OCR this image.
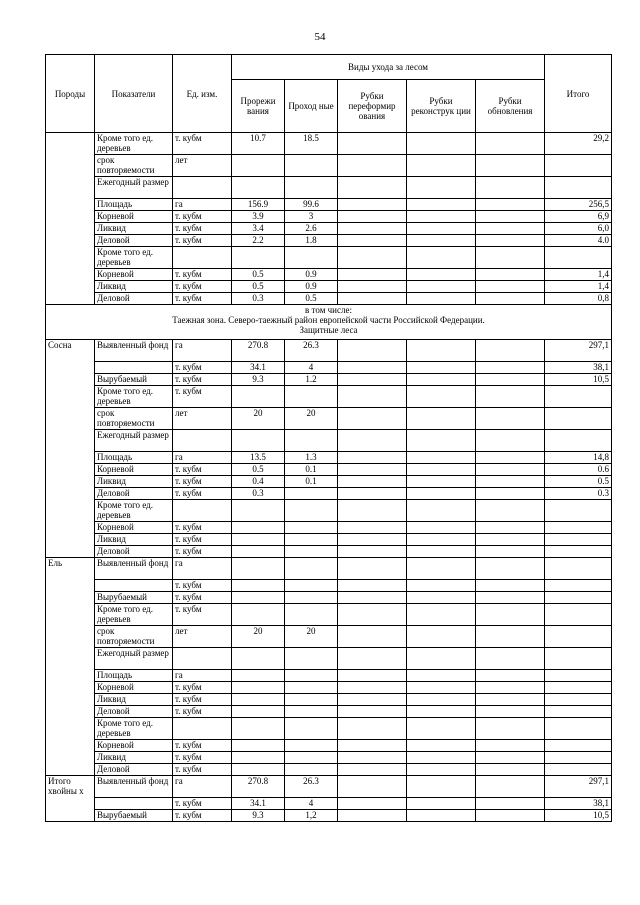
54
Породы	Показатели	Ед. изм.	Виды ухода за лесом					Итого
			Прорежи вания	Проход ные	Рубки переформир ования	Рубки реконструк ции	Рубки обновления	
	Кроме того ед. деревьев	т. кубм	10.7	18.5				29,2
	срок повторяемости	лет						
	Ежегодный размер							
	Площадь	га	156.9	99.6				256,5
	Корневой	т. кубм	3.9	3				6,9
	Ликвид	т. кубм	3.4	2.6				6,0
	Деловой	т. кубм	2.2	1.8				4.0
	Кроме того ед. деревьев							
	Корневой	т. кубм	0.5	0.9				1,4
	Ликвид	т. кубм	0.5	0.9				1,4
	Деловой	т. кубм	0.3	0.5				0,8

в том числе:
Таежная зона. Северо-таежный район европейской части Российской Федерации.
Защитные леса								

Сосна	Выявленный фонд	га	270.8	26.3				297,1
		т. кубм	34.1	4				38,1
	Вырубаемый	т. кубм	9.3	1.2				10,5
	Кроме того ед. деревьев	т. кубм						
	срок повторяемости	лет	20	20				
	Ежегодный размер							
	Площадь	га	13.5	1.3				14,8
	Корневой	т. кубм	0.5	0.1				0.6
	Ликвид	т. кубм	0.4	0.1				0.5
	Деловой	т. кубм	0.3					0.3
	Кроме того ед. деревьев							
	Корневой	т. кубм						
	Ликвид	т. кубм						
	Деловой	т. кубм						
Ель	Выявленный фонд	га						
		т. кубм						
	Вырубаемый	т. кубм						
	Кроме того ед. деревьев	т. кубм						
	срок повторяемости	лет	20	20				
	Ежегодный размер							
	Площадь	га						
	Корневой	т. кубм						
	Ликвид	т. кубм						
	Деловой	т. кубм						
	Кроме того ед. деревьев							
	Корневой	т. кубм						
	Ликвид	т. кубм						
	Деловой	т. кубм						
Итого хвойны х	Выявленный фонд	га	270.8	26.3				297,1
		т. кубм	34.1	4				38,1
	Вырубаемый	т. кубм	9.3	1,2				10,5
